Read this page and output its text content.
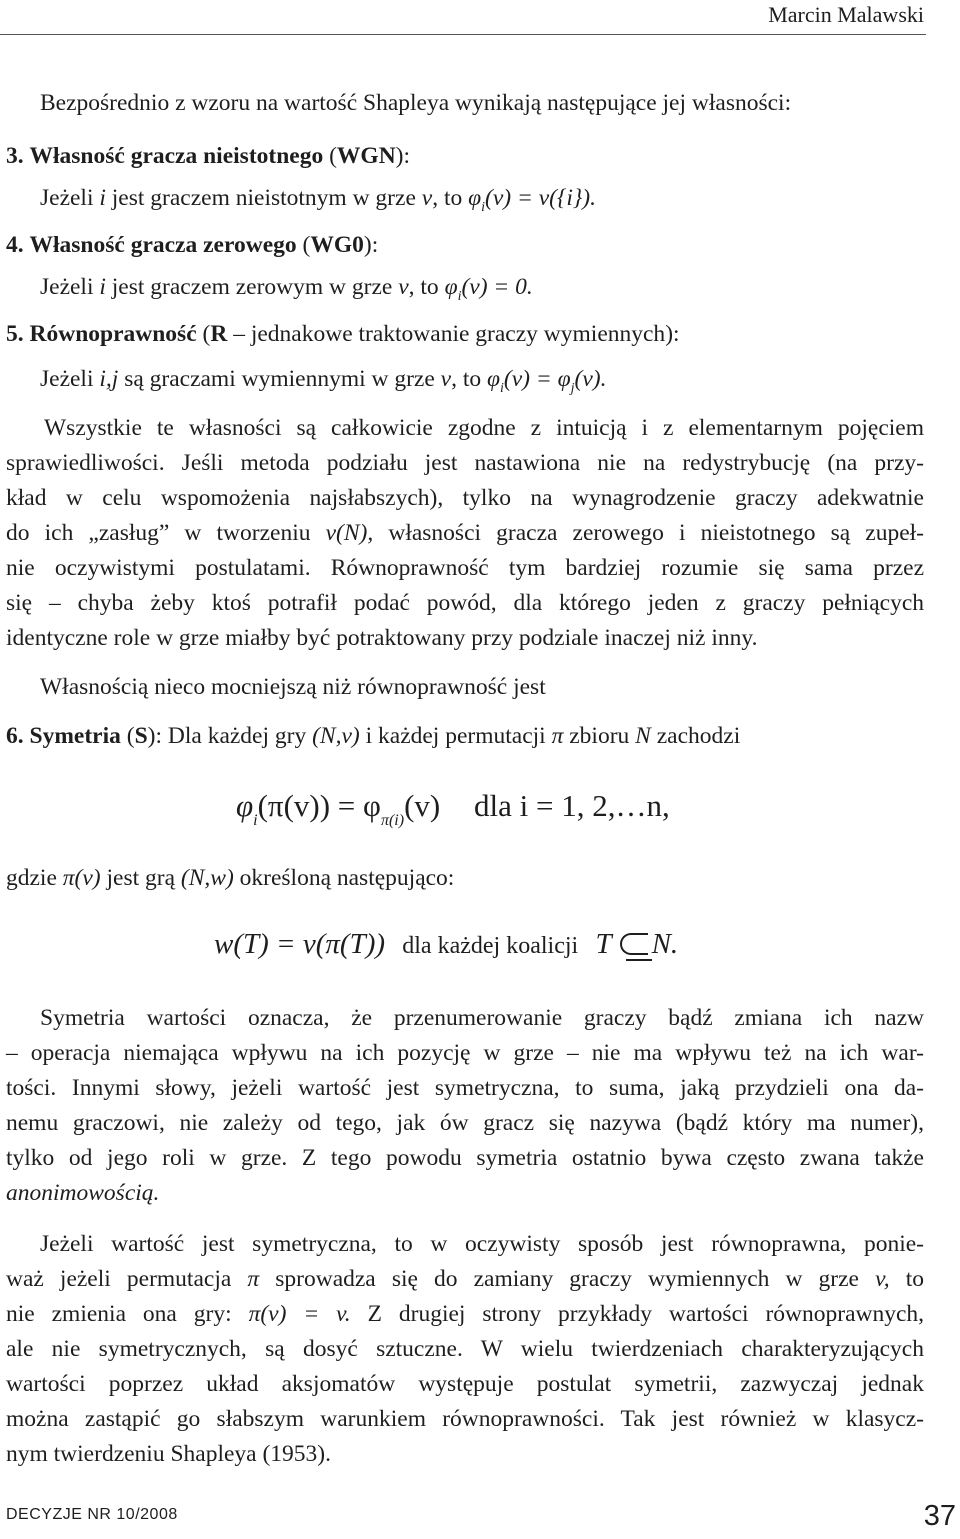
Marcin Malawski
Bezpośrednio z wzoru na wartość Shapleya wynikają następujące jej własności:
3. Własność gracza nieistotnego (WGN):
Jeżeli i jest graczem nieistotnym w grze v, to $\varphi_i(v) = v(\{i\})$.
4. Własność gracza zerowego (WG0):
Jeżeli i jest graczem zerowym w grze v, to $\varphi_i(v) = 0$.
5. Równoprawność (R – jednakowe traktowanie graczy wymiennych):
Jeżeli i,j są graczami wymiennymi w grze v, to $\varphi_i(v) = \varphi_j(v)$.
Wszystkie te własności są całkowicie zgodne z intuicją i z elementarnym pojęciem
sprawiedliwości. Jeśli metoda podziału jest nastawiona nie na redystrybucję (na przy-
kład w celu wspomożenia najsłabszych), tylko na wynagrodzenie graczy adekwatnie
do ich „zasług” w tworzeniu v(N), własności gracza zerowego i nieistotnego są zupeł-
nie oczywistymi postulatami. Równoprawność tym bardziej rozumie się sama przez
się – chyba żeby ktoś potrafił podać powód, dla którego jeden z graczy pełniących
identyczne role w grze miałby być potraktowany przy podziale inaczej niż inny.
Własnością nieco mocniejszą niż równoprawność jest
6. Symetria (S): Dla każdej gry (N,v) i każdej permutacji π zbioru N zachodzi
$\varphi_i(\pi(v)) = \varphi_{\pi(i)}(v)$ dla i = 1, 2,…n,
gdzie π(v) jest grą (N,w) określoną następująco:
w(T) = v(π(T)) dla każdej koalicji T N.
Symetria wartości oznacza, że przenumerowanie graczy bądź zmiana ich nazw
– operacja niemająca wpływu na ich pozycję w grze – nie ma wpływu też na ich war-
tości. Innymi słowy, jeżeli wartość jest symetryczna, to suma, jaką przydzieli ona da-
nemu graczowi, nie zależy od tego, jak ów gracz się nazywa (bądź który ma numer),
tylko od jego roli w grze. Z tego powodu symetria ostatnio bywa często zwana także
anonimowością.
Jeżeli wartość jest symetryczna, to w oczywisty sposób jest równoprawna, ponie-
waż jeżeli permutacja π sprowadza się do zamiany graczy wymiennych w grze v, to
nie zmienia ona gry: π(v) = v. Z drugiej strony przykłady wartości równoprawnych,
ale nie symetrycznych, są dosyć sztuczne. W wielu twierdzeniach charakteryzujących
wartości poprzez układ aksjomatów występuje postulat symetrii, zazwyczaj jednak
można zastąpić go słabszym warunkiem równoprawności. Tak jest również w klasycz-
nym twierdzeniu Shapleya (1953).
DECYZJE NR 10/2008	37
